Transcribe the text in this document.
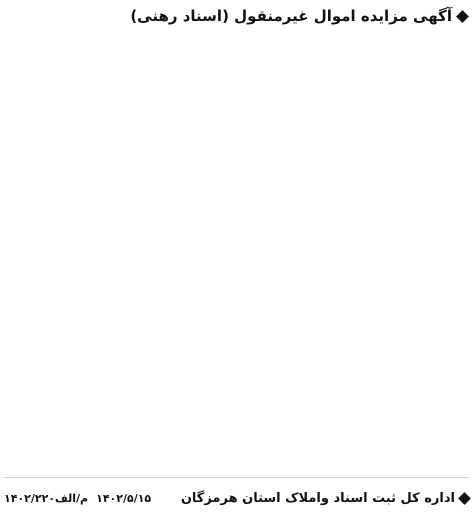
آگهی مزایده اموال غیرمنقول (اسناد رهنی)

اداره کل ثبت اسناد واملاک استان هرمزگان
۱۴۰۲/۲۲۰م/الف ۱۴۰۲/۵/۱۵
